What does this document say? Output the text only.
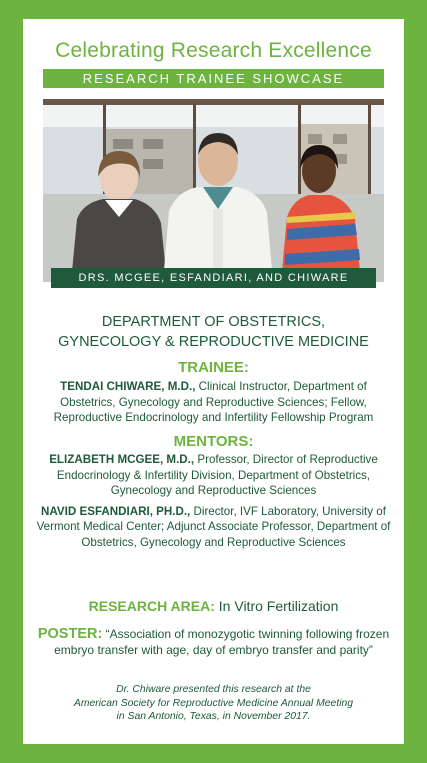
Celebrating Research Excellence
RESEARCH TRAINEE SHOWCASE
DRS. MCGEE, ESFANDIARI, AND CHIWARE
DEPARTMENT OF OBSTETRICS,
GYNECOLOGY & REPRODUCTIVE MEDICINE
TRAINEE:
TENDAI CHIWARE, M.D., Clinical Instructor, Department of Obstetrics, Gynecology and Reproductive Sciences; Fellow, Reproductive Endocrinology and Infertility Fellowship Program
MENTORS:
ELIZABETH MCGEE, M.D., Professor, Director of Reproductive Endocrinology & Infertility Division, Department of Obstetrics, Gynecology and Reproductive Sciences
NAVID ESFANDIARI, PH.D., Director, IVF Laboratory, University of Vermont Medical Center; Adjunct Associate Professor, Department of Obstetrics, Gynecology and Reproductive Sciences
RESEARCH AREA: In Vitro Fertilization
POSTER: “Association of monozygotic twinning following frozen embryo transfer with age, day of embryo transfer and parity”
Dr. Chiware presented this research at the
American Society for Reproductive Medicine Annual Meeting
in San Antonio, Texas, in November 2017.
